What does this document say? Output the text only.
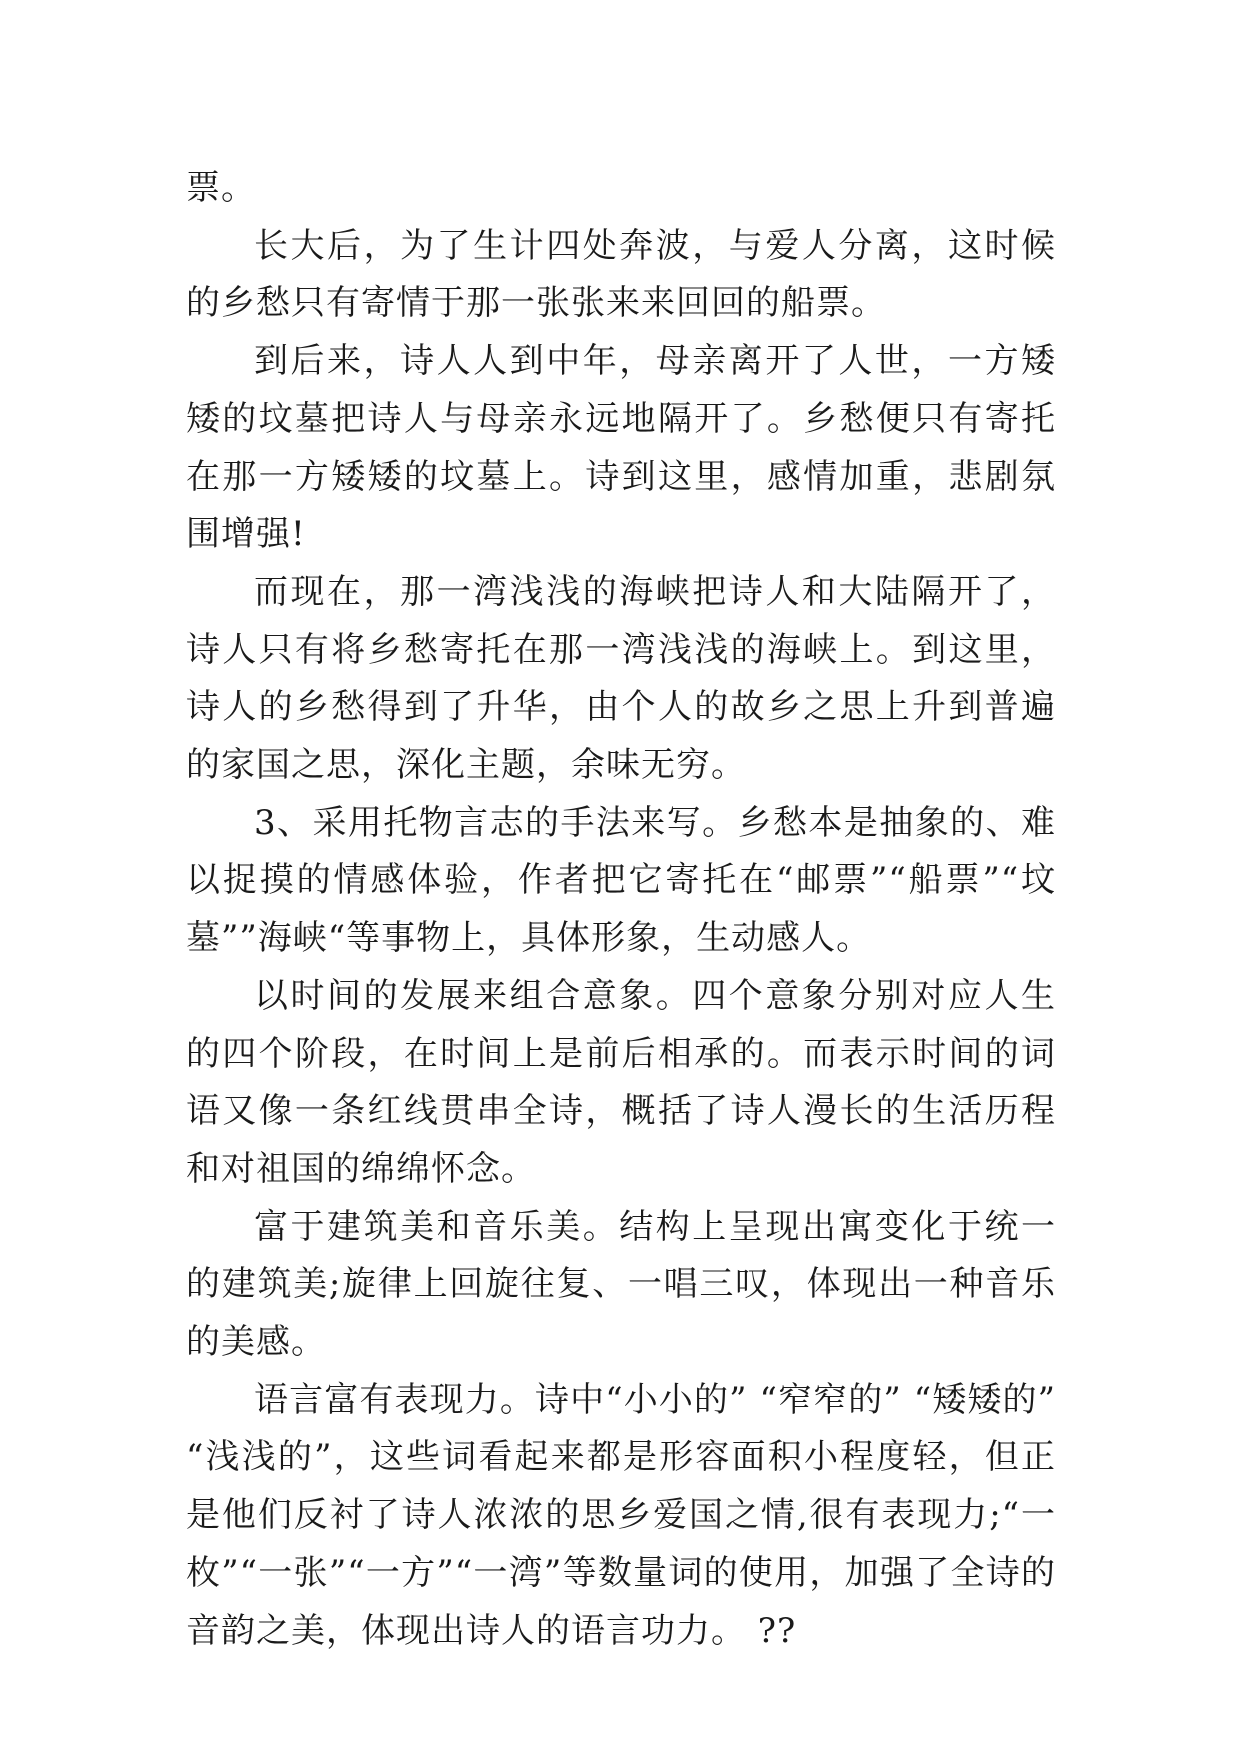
票。

长大后，为了生计四处奔波，与爱人分离，这时候的乡愁只有寄情于那一张张来来回回的船票。

到后来，诗人人到中年，母亲离开了人世，一方矮矮的坟墓把诗人与母亲永远地隔开了。乡愁便只有寄托在那一方矮矮的坟墓上。诗到这里，感情加重，悲剧氛围增强!

而现在，那一湾浅浅的海峡把诗人和大陆隔开了，诗人只有将乡愁寄托在那一湾浅浅的海峡上。到这里，诗人的乡愁得到了升华，由个人的故乡之思上升到普遍的家国之思，深化主题，余味无穷。

3、采用托物言志的手法来写。乡愁本是抽象的、难以捉摸的情感体验，作者把它寄托在“邮票”“船票”“坟墓””海峡“等事物上，具体形象，生动感人。

以时间的发展来组合意象。四个意象分别对应人生的四个阶段，在时间上是前后相承的。而表示时间的词语又像一条红线贯串全诗，概括了诗人漫长的生活历程和对祖国的绵绵怀念。

富于建筑美和音乐美。结构上呈现出寓变化于统一的建筑美;旋律上回旋往复、一唱三叹，体现出一种音乐的美感。

语言富有表现力。诗中“小小的” “窄窄的” “矮矮的” “浅浅的”，这些词看起来都是形容面积小程度轻，但正是他们反衬了诗人浓浓的思乡爱国之情,很有表现力;“一枚”“一张”“一方”“一湾”等数量词的使用，加强了全诗的音韵之美，体现出诗人的语言功力。 ??
